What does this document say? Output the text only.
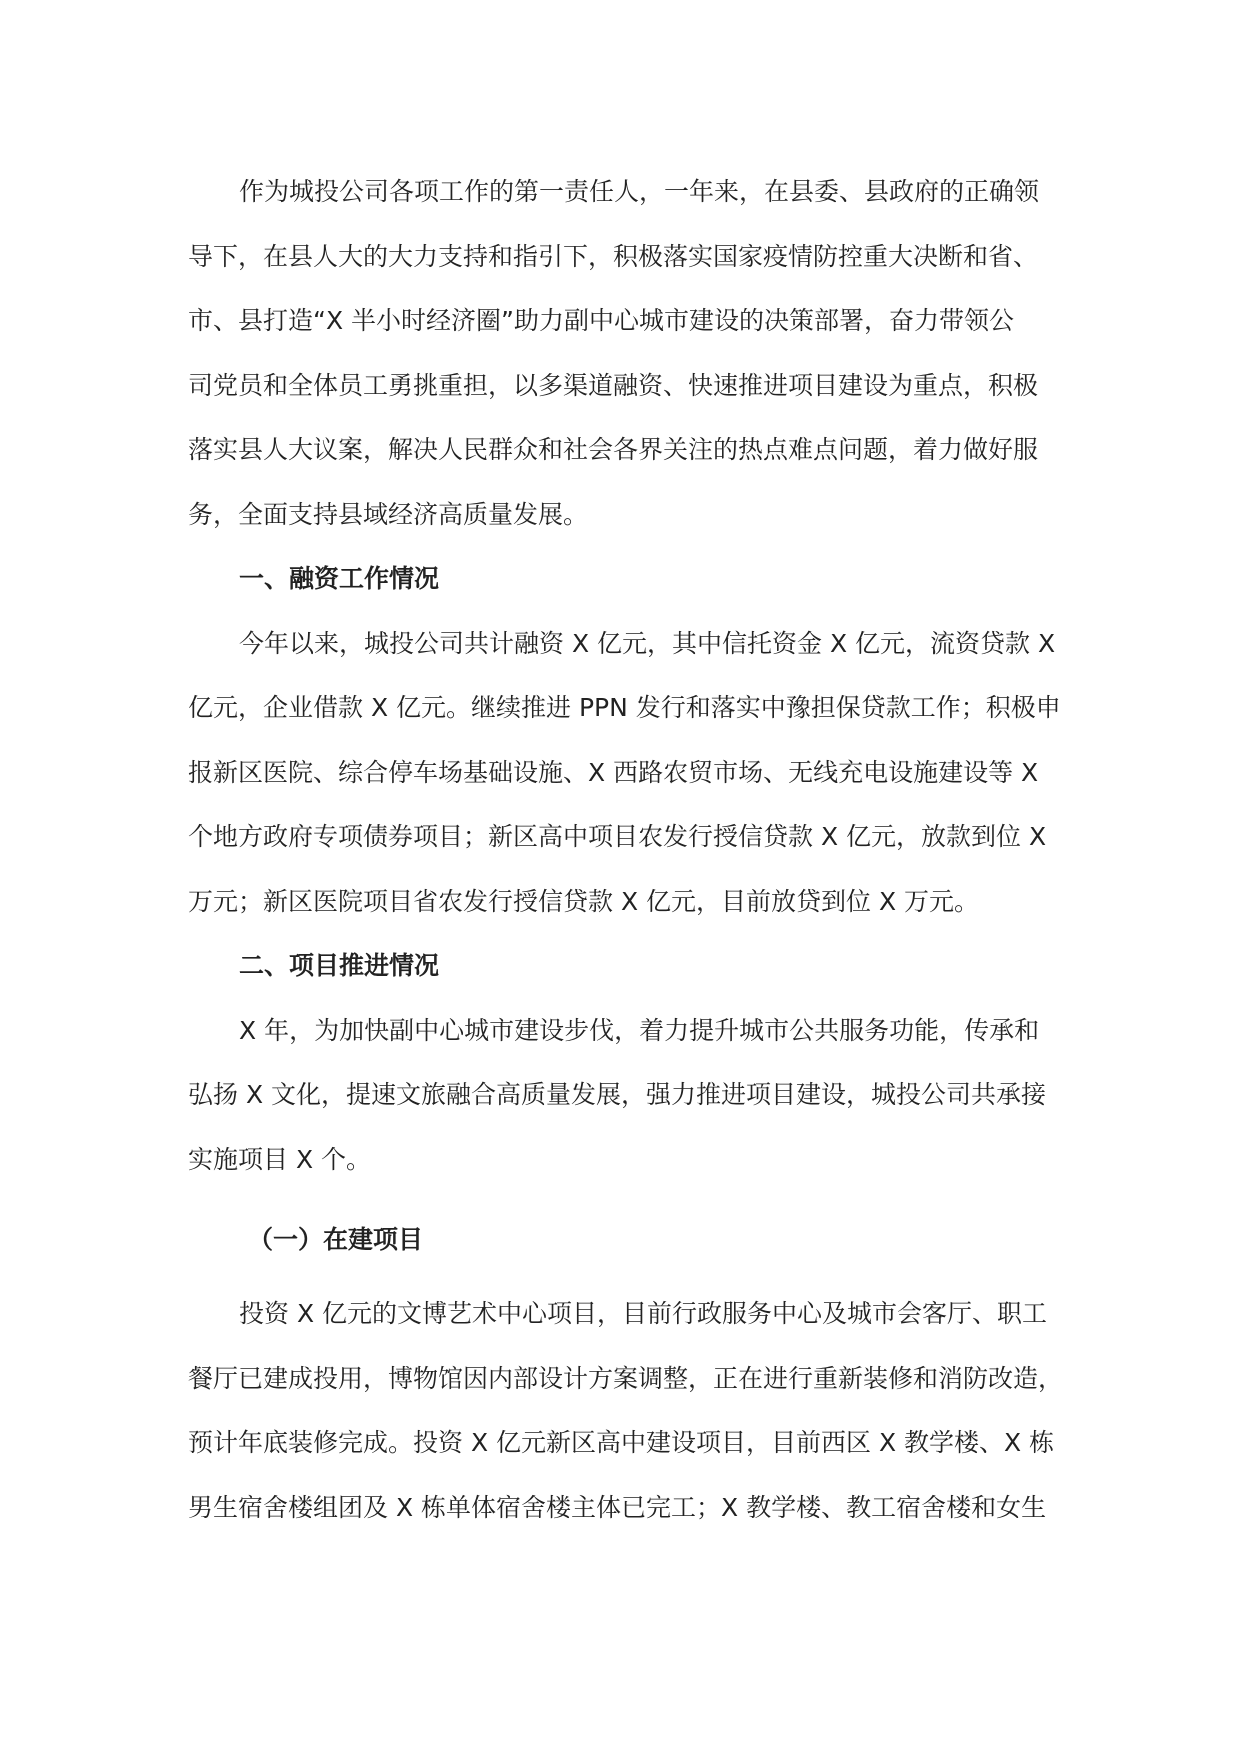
作为城投公司各项工作的第一责任人，一年来，在县委、县政府的正确领
导下，在县人大的大力支持和指引下，积极落实国家疫情防控重大决断和省、
市、县打造“X 半小时经济圈”助力副中心城市建设的决策部署，奋力带领公
司党员和全体员工勇挑重担，以多渠道融资、快速推进项目建设为重点，积极
落实县人大议案，解决人民群众和社会各界关注的热点难点问题，着力做好服
务，全面支持县域经济高质量发展。

一、融资工作情况

今年以来，城投公司共计融资 X 亿元，其中信托资金 X 亿元，流资贷款 X
亿元，企业借款 X 亿元。继续推进 PPN 发行和落实中豫担保贷款工作；积极申
报新区医院、综合停车场基础设施、X 西路农贸市场、无线充电设施建设等 X
个地方政府专项债券项目；新区高中项目农发行授信贷款 X 亿元，放款到位 X
万元；新区医院项目省农发行授信贷款 X 亿元，目前放贷到位 X 万元。

二、项目推进情况

X 年，为加快副中心城市建设步伐，着力提升城市公共服务功能，传承和
弘扬 X 文化，提速文旅融合高质量发展，强力推进项目建设，城投公司共承接
实施项目 X 个。

（一）在建项目

投资 X 亿元的文博艺术中心项目，目前行政服务中心及城市会客厅、职工
餐厅已建成投用，博物馆因内部设计方案调整，正在进行重新装修和消防改造，
预计年底装修完成。投资 X 亿元新区高中建设项目，目前西区 X 教学楼、X 栋
男生宿舍楼组团及 X 栋单体宿舍楼主体已完工；X 教学楼、教工宿舍楼和女生
